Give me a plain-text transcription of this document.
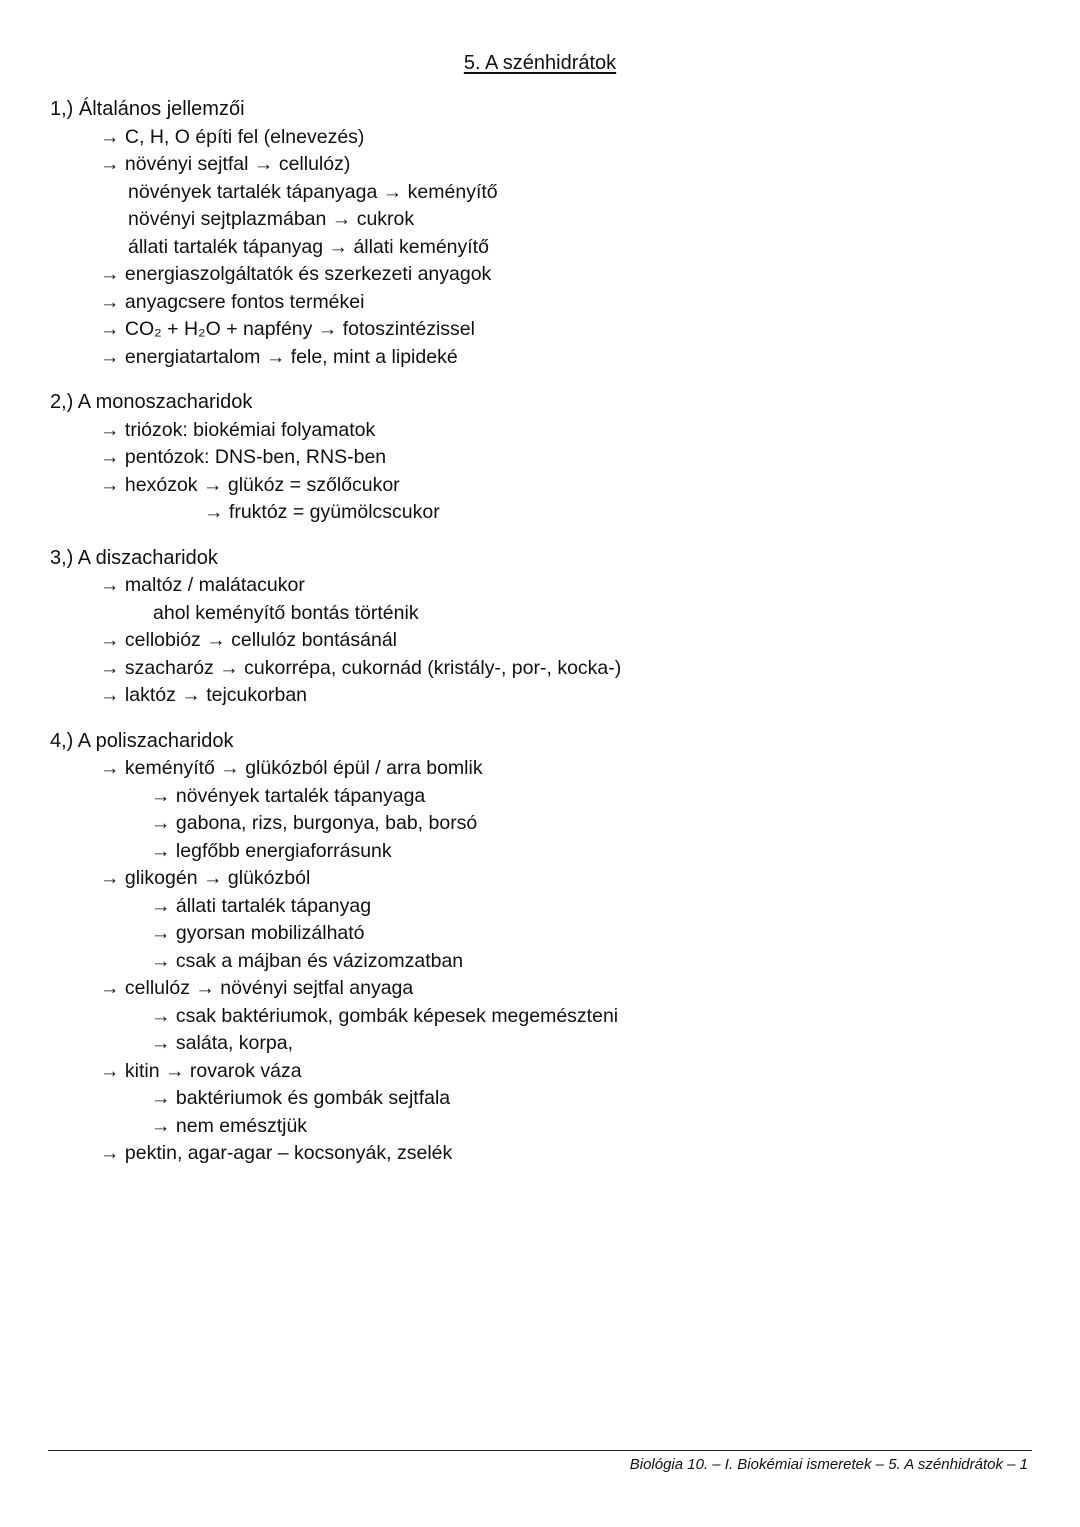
5. A szénhidrátok
1,) Általános jellemzői
→ C, H, O építi fel (elnevezés)
→ növényi sejtfal → cellulóz)
növények tartalék tápanyaga → keményítő
növényi sejtplazmában → cukrok
állati tartalék tápanyag → állati keményítő
→ energiaszolgáltatók és szerkezeti anyagok
→ anyagcsere fontos termékei
→ CO₂ + H₂O + napfény → fotoszintézissel
→ energiatartalom → fele, mint a lipideké
2,) A monoszacharidok
→ triózok: biokémiai folyamatok
→ pentózok: DNS-ben, RNS-ben
→ hexózok → glükóz = szőlőcukor
→ fruktóz = gyümölcscukor
3,) A diszacharidok
→ maltóz / malátacukor
ahol keményítő bontás történik
→ cellobióz → cellulóz bontásánál
→ szacharóz → cukorrépa, cukornád (kristály-, por-, kocka-)
→ laktóz → tejcukorban
4,) A poliszacharidok
→ keményítő → glükózból épül / arra bomlik
→ növények tartalék tápanyaga
→ gabona, rizs, burgonya, bab, borsó
→ legfőbb energiaforrásunk
→ glikogén → glükózból
→ állati tartalék tápanyag
→ gyorsan mobilizálható
→ csak a májban és vázizomzatban
→ cellulóz → növényi sejtfal anyaga
→ csak baktériumok, gombák képesek megemészteni
→ saláta, korpa,
→ kitin → rovarok váza
→ baktériumok és gombák sejtfala
→ nem emésztjük
→ pektin, agar-agar – kocsonyák, zselék
Biológia 10. – I. Biokémiai ismeretek – 5. A szénhidrátok – 1
